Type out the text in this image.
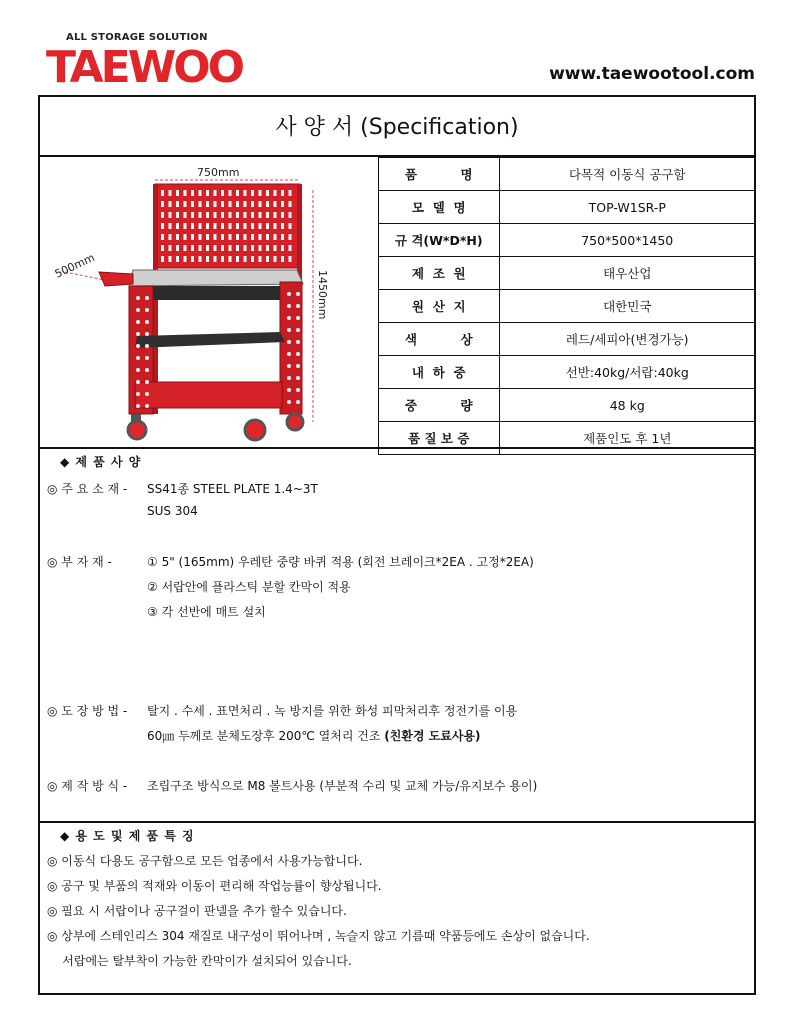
ALL STORAGE SOLUTION
TAEWOO	www.taewootool.com
사 양 서 (Specification)
750mm
1450mm
500mm
품          명	다목적 이동식 공구함
모  델  명	TOP-W1SR-P
규 격(W*D*H)	750*500*1450
제  조  원	태우산업
원  산  지	대한민국
색          상	레드/세피아(변경가능)
내  하  중	선반:40kg/서랍:40kg
중          량	48 kg
품 질 보 증	제품인도 후 1년
◆ 제 품 사 양
◎ 주 요 소 재 - SS41종 STEEL PLATE 1.4~3T
SUS 304
◎ 부 자 재 -	① 5" (165mm) 우레탄 중량 바퀴 적용 (회전 브레이크*2EA . 고정*2EA)
② 서랍안에 플라스틱 분할 칸막이 적용
③ 각 선반에 매트 설치
◎ 도 장 방 법 - 탈지 . 수세 . 표면처리 . 녹 방지를 위한 화성 피막처리후 정전기를 이용
60㎛ 두께로 분체도장후 200℃ 열처리 건조 (친환경 도료사용)
◎ 제 작 방 식 - 조립구조 방식으로 M8 볼트사용 (부분적 수리 및 교체 가능/유지보수 용이)
◆ 용 도 및 제 품 특 징
◎ 이동식 다용도 공구함으로 모든 업종에서 사용가능합니다.
◎ 공구 및 부품의 적재와 이동이 편리해 작업능률이 향상됩니다.
◎ 필요 시 서랍이나 공구걸이 판넬을 추가 할수 있습니다.
◎ 상부에 스테인리스 304 재질로 내구성이 뛰어나며 , 녹슬지 않고 기름때 약품등에도 손상이 없습니다.
서랍에는 탈부착이 가능한 칸막이가 설치되어 있습니다.
